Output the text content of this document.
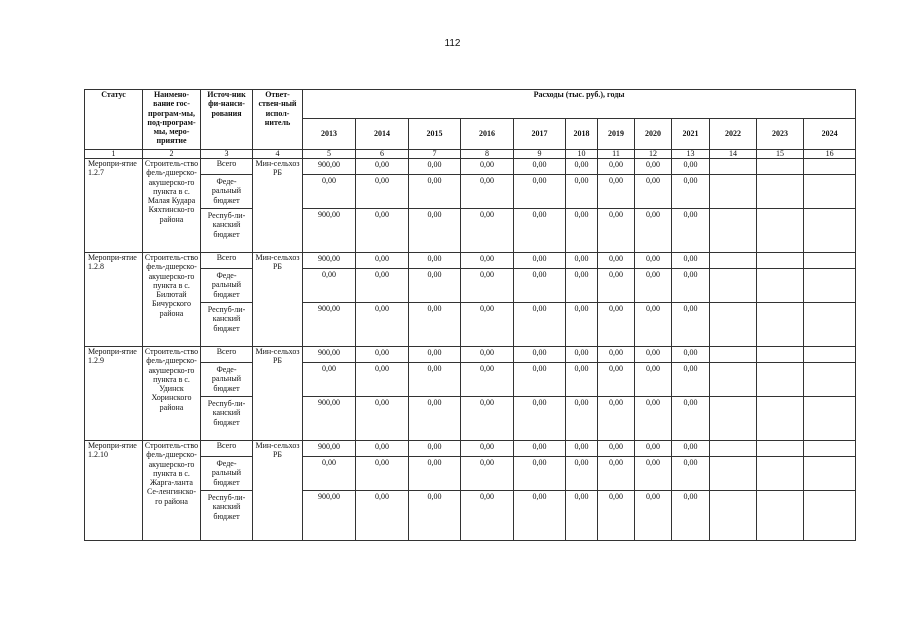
112
Статус	Наимено-вание гос-програм-мы, под-програм-мы, меро-приятие	Источ-ник фи-нанси-рования	Ответ-ствен-ный испол-нитель	Расходы (тыс. руб.), годы											
				2013	2014	2015	2016	2017	2018	2019	2020	2021	2022	2023	2024
1	2	3	4	5	6	7	8	9	10	11	12	13	14	15	16
Меропри-ятие 1.2.7	Строитель-ство фель-дшерско-акушерско-го пункта в с. Малая Кудара Кяхтинско-го района	Всего	Мин-сельхоз РБ	900,00	0,00	0,00	0,00	0,00	0,00	0,00	0,00	0,00			
		Феде-ральный бюджет		0,00	0,00	0,00	0,00	0,00	0,00	0,00	0,00	0,00			
		Респуб-ли-канский бюджет		900,00	0,00	0,00	0,00	0,00	0,00	0,00	0,00	0,00			
Меропри-ятие 1.2.8	Строитель-ство фель-дшерско-акушерско-го пункта в с. Билютай Бичурского района	Всего	Мин-сельхоз РБ	900,00	0,00	0,00	0,00	0,00	0,00	0,00	0,00	0,00			
		Феде-ральный бюджет		0,00	0,00	0,00	0,00	0,00	0,00	0,00	0,00	0,00			
		Респуб-ли-канский бюджет		900,00	0,00	0,00	0,00	0,00	0,00	0,00	0,00	0,00			
Меропри-ятие 1.2.9	Строитель-ство фель-дшерско-акушерско-го пункта в с. Удинск Хоринского района	Всего	Мин-сельхоз РБ	900,00	0,00	0,00	0,00	0,00	0,00	0,00	0,00	0,00			
		Феде-ральный бюджет		0,00	0,00	0,00	0,00	0,00	0,00	0,00	0,00	0,00			
		Респуб-ли-канский бюджет		900,00	0,00	0,00	0,00	0,00	0,00	0,00	0,00	0,00			
Меропри-ятие 1.2.10	Строитель-ство фель-дшерско-акушерско-го пункта в с. Жарга-ланта Се-ленгинско-го района	Всего	Мин-сельхоз РБ	900,00	0,00	0,00	0,00	0,00	0,00	0,00	0,00	0,00			
		Феде-ральный бюджет		0,00	0,00	0,00	0,00	0,00	0,00	0,00	0,00	0,00			
		Респуб-ли-канский бюджет		900,00	0,00	0,00	0,00	0,00	0,00	0,00	0,00	0,00			
